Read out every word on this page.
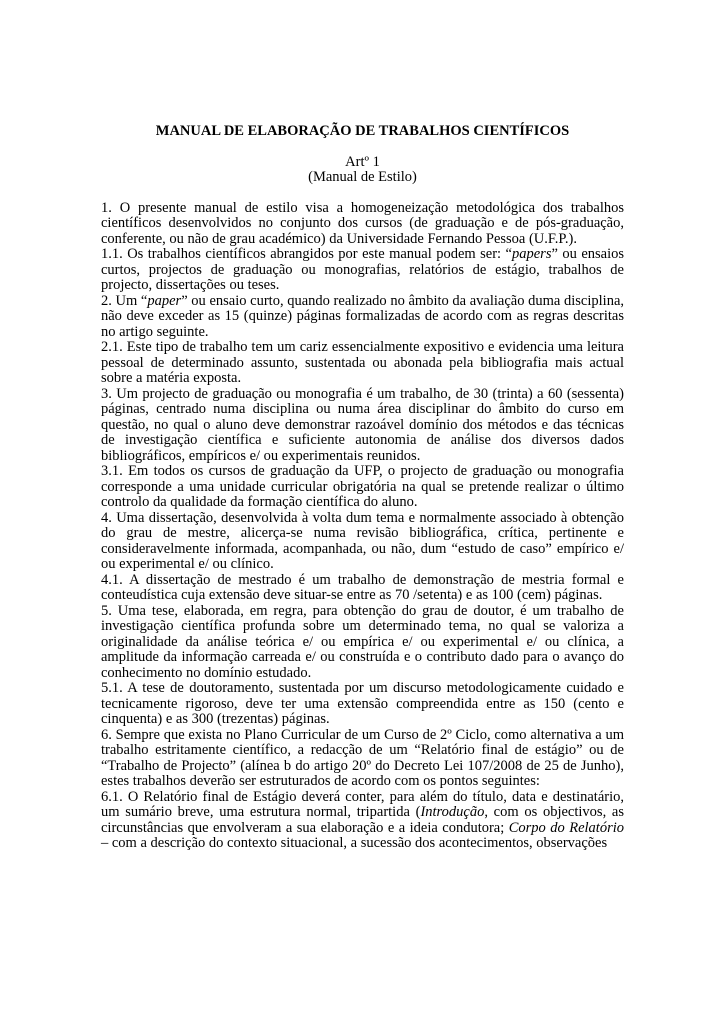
MANUAL DE ELABORAÇÃO DE TRABALHOS CIENTÍFICOS

Artº 1

(Manual de Estilo)

1. O presente manual de estilo visa a homogeneização metodológica dos trabalhos científicos desenvolvidos no conjunto dos cursos (de graduação e de pós-graduação, conferente, ou não de grau académico) da Universidade Fernando Pessoa (U.F.P.).

1.1. Os trabalhos científicos abrangidos por este manual podem ser: “papers” ou ensaios curtos, projectos de graduação ou monografias, relatórios de estágio, trabalhos de projecto, dissertações ou teses.

2. Um “paper” ou ensaio curto, quando realizado no âmbito da avaliação duma disciplina, não deve exceder as 15 (quinze) páginas formalizadas de acordo com as regras descritas no artigo seguinte.

2.1. Este tipo de trabalho tem um cariz essencialmente expositivo e evidencia uma leitura pessoal de determinado assunto, sustentada ou abonada pela bibliografia mais actual sobre a matéria exposta.

3. Um projecto de graduação ou monografia é um trabalho, de 30 (trinta) a 60 (sessenta) páginas, centrado numa disciplina ou numa área disciplinar do âmbito do curso em questão, no qual o aluno deve demonstrar razoável domínio dos métodos e das técnicas de investigação científica e suficiente autonomia de análise dos diversos dados bibliográficos, empíricos e/ ou experimentais reunidos.

3.1. Em todos os cursos de graduação da UFP, o projecto de graduação ou monografia corresponde a uma unidade curricular obrigatória na qual se pretende realizar o último controlo da qualidade da formação científica do aluno.

4. Uma dissertação, desenvolvida à volta dum tema e normalmente associado à obtenção do grau de mestre, alicerça-se numa revisão bibliográfica, crítica, pertinente e consideravelmente informada, acompanhada, ou não, dum “estudo de caso” empírico e/ ou experimental e/ ou clínico.

4.1. A dissertação de mestrado é um trabalho de demonstração de mestria formal e conteudística cuja extensão deve situar-se entre as 70 /setenta) e as 100 (cem) páginas.

5. Uma tese, elaborada, em regra, para obtenção do grau de doutor, é um trabalho de investigação científica profunda sobre um determinado tema, no qual se valoriza a originalidade da análise teórica e/ ou empírica e/ ou experimental e/ ou clínica, a amplitude da informação carreada e/ ou construída e o contributo dado para o avanço do conhecimento no domínio estudado.

5.1. A tese de doutoramento, sustentada por um discurso metodologicamente cuidado e tecnicamente rigoroso, deve ter uma extensão compreendida entre as 150 (cento e cinquenta) e as 300 (trezentas) páginas.

6. Sempre que exista no Plano Curricular de um Curso de 2º Ciclo, como alternativa a um trabalho estritamente científico, a redacção de um “Relatório final de estágio” ou de “Trabalho de Projecto” (alínea b do artigo 20º do Decreto Lei 107/2008 de 25 de Junho), estes trabalhos deverão ser estruturados de acordo com os pontos seguintes:

6.1. O Relatório final de Estágio deverá conter, para além do título, data e destinatário, um sumário breve, uma estrutura normal, tripartida (Introdução, com os objectivos, as circunstâncias que envolveram a sua elaboração e a ideia condutora; Corpo do Relatório – com a descrição do contexto situacional, a sucessão dos acontecimentos, observações
